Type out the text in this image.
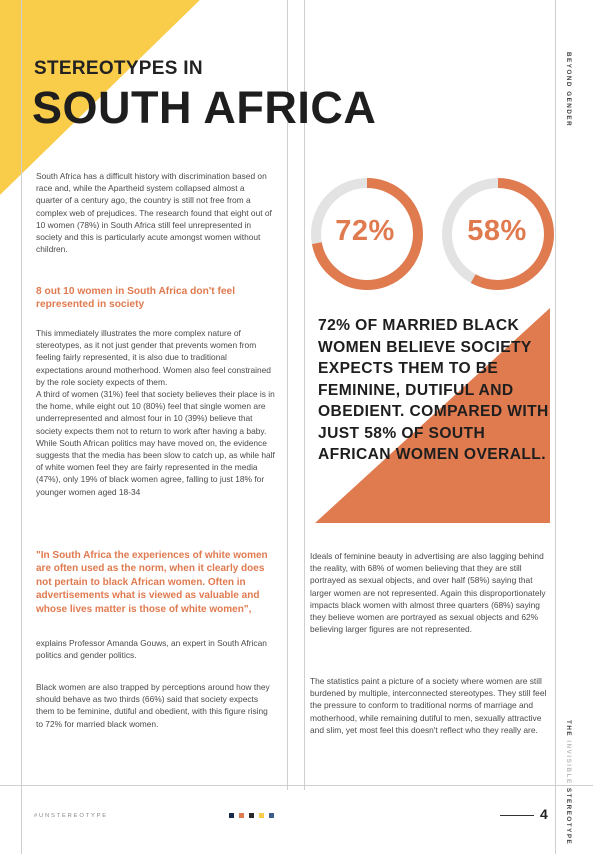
STEREOTYPES IN
SOUTH AFRICA	BEYOND GENDER
THE INVISIBLE STEREOTYPE

South Africa has a difficult history with discrimination based on race and, while the Apartheid system collapsed almost a quarter of a century ago, the country is still not free from a complex web of prejudices. The research found that eight out of 10 women (78%) in South Africa still feel unrepresented in society and this is particularly acute amongst women without children.

8 out 10 women in South Africa don't feel represented in society

This immediately illustrates the more complex nature of stereotypes, as it not just gender that prevents women from feeling fairly represented, it is also due to traditional expectations around motherhood. Women also feel constrained by the role society expects of them.

A third of women (31%) feel that society believes their place is in the home, while eight out 10 (80%) feel that single women are underrepresented and almost four in 10 (39%) believe that society expects them not to return to work after having a baby. While South African politics may have moved on, the evidence suggests that the media has been slow to catch up, as while half of white women feel they are fairly represented in the media (47%), only 19% of black women agree, falling to just 18% for younger women aged 18-34

"In South Africa the experiences of white women are often used as the norm, when it clearly does not pertain to black African women. Often in advertisements what is viewed as valuable and whose lives matter is those of white women",

explains Professor Amanda Gouws, an expert in South African politics and gender politics.

Black women are also trapped by perceptions around how they should behave as two thirds (66%) said that society expects them to be feminine, dutiful and obedient, with this figure rising to 72% for married black women.

72%	58%
72% OF MARRIED BLACK WOMEN BELIEVE SOCIETY EXPECTS THEM TO BE FEMININE, DUTIFUL AND OBEDIENT. COMPARED WITH JUST 58% OF SOUTH AFRICAN WOMEN OVERALL.

Ideals of feminine beauty in advertising are also lagging behind the reality, with 68% of women believing that they are still portrayed as sexual objects, and over half (58%) saying that larger women are not represented. Again this disproportionately impacts black women with almost three quarters (68%) saying they believe women are portrayed as sexual objects and 62% believing larger figures are not represented.

The statistics paint a picture of a society where women are still burdened by multiple, interconnected stereotypes. They still feel the pressure to conform to traditional norms of marriage and motherhood, while remaining dutiful to men, sexually attractive and slim, yet most feel this doesn't reflect who they really are.

#UNSTEREOTYPE	4
